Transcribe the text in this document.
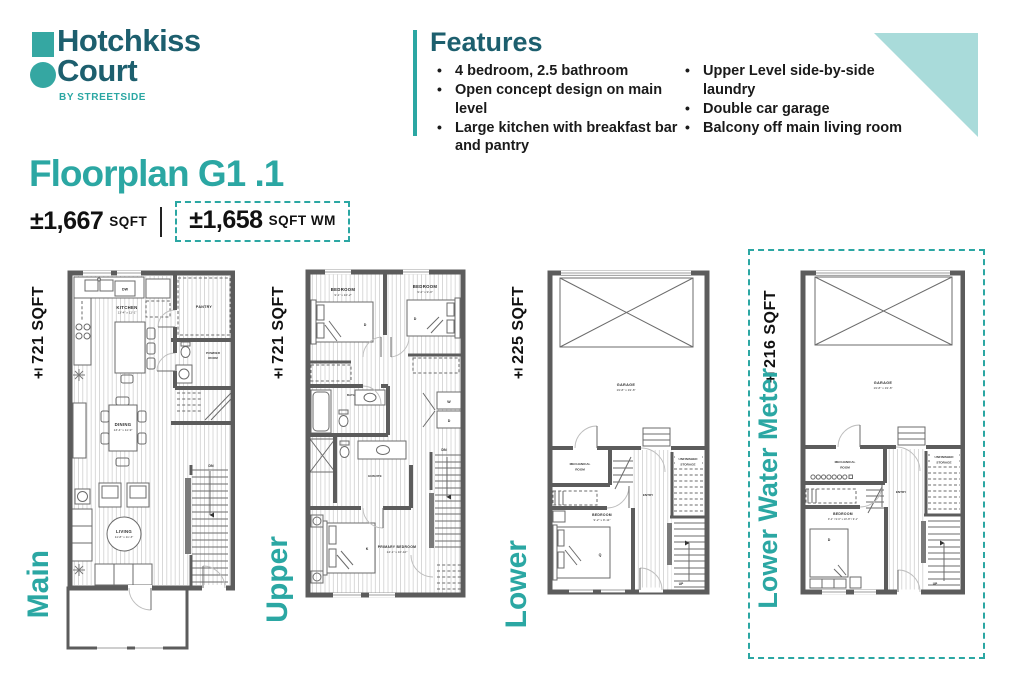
Hotchkiss
Court
BY STREETSIDE
Features
• 4 bedroom, 2.5 bathroom
• Open concept design on main level
• Large kitchen with breakfast bar and pantry
• Upper Level side-by-side laundry
• Double car garage
• Balcony off main living room
Floorplan G1 .1
±1,667 SQFT ±1,658 SQFT WM
±721 SQFT
Main
±721 SQFT
Upper
±225 SQFT
Lower
±216 SQFT
Lower Water Meter
DW
KITCHEN
13'-4" x 11'-1"
PANTRY
POWDER
ROOM
DINING
13'-4" x 11'-9"
DN
LIVING
11'-8" x 11'-3"
D
BEDROOM
9'-1" x 10'-2"
D
BEDROOM
9'-2" x 9'-0"
BATH
W
D
ENSUITE
DN
K	PRIMARY BEDROOM
14'-1" x 10'-10"
GARAGE
19'-8" x 19'-8"
MECHANICAL
ROOM
Q
BEDROOM
9'-2" x 9'-11"
ENTRY
UNFINISHED
STORAGE
UP
GARAGE
19'-8" x 19'-8"
MECHANICAL
ROOM
D
BEDROOM
9'-2" / 9'-6" x 10'-8" / 9'-1"
ENTRY
UNFINISHED
STORAGE
UP
